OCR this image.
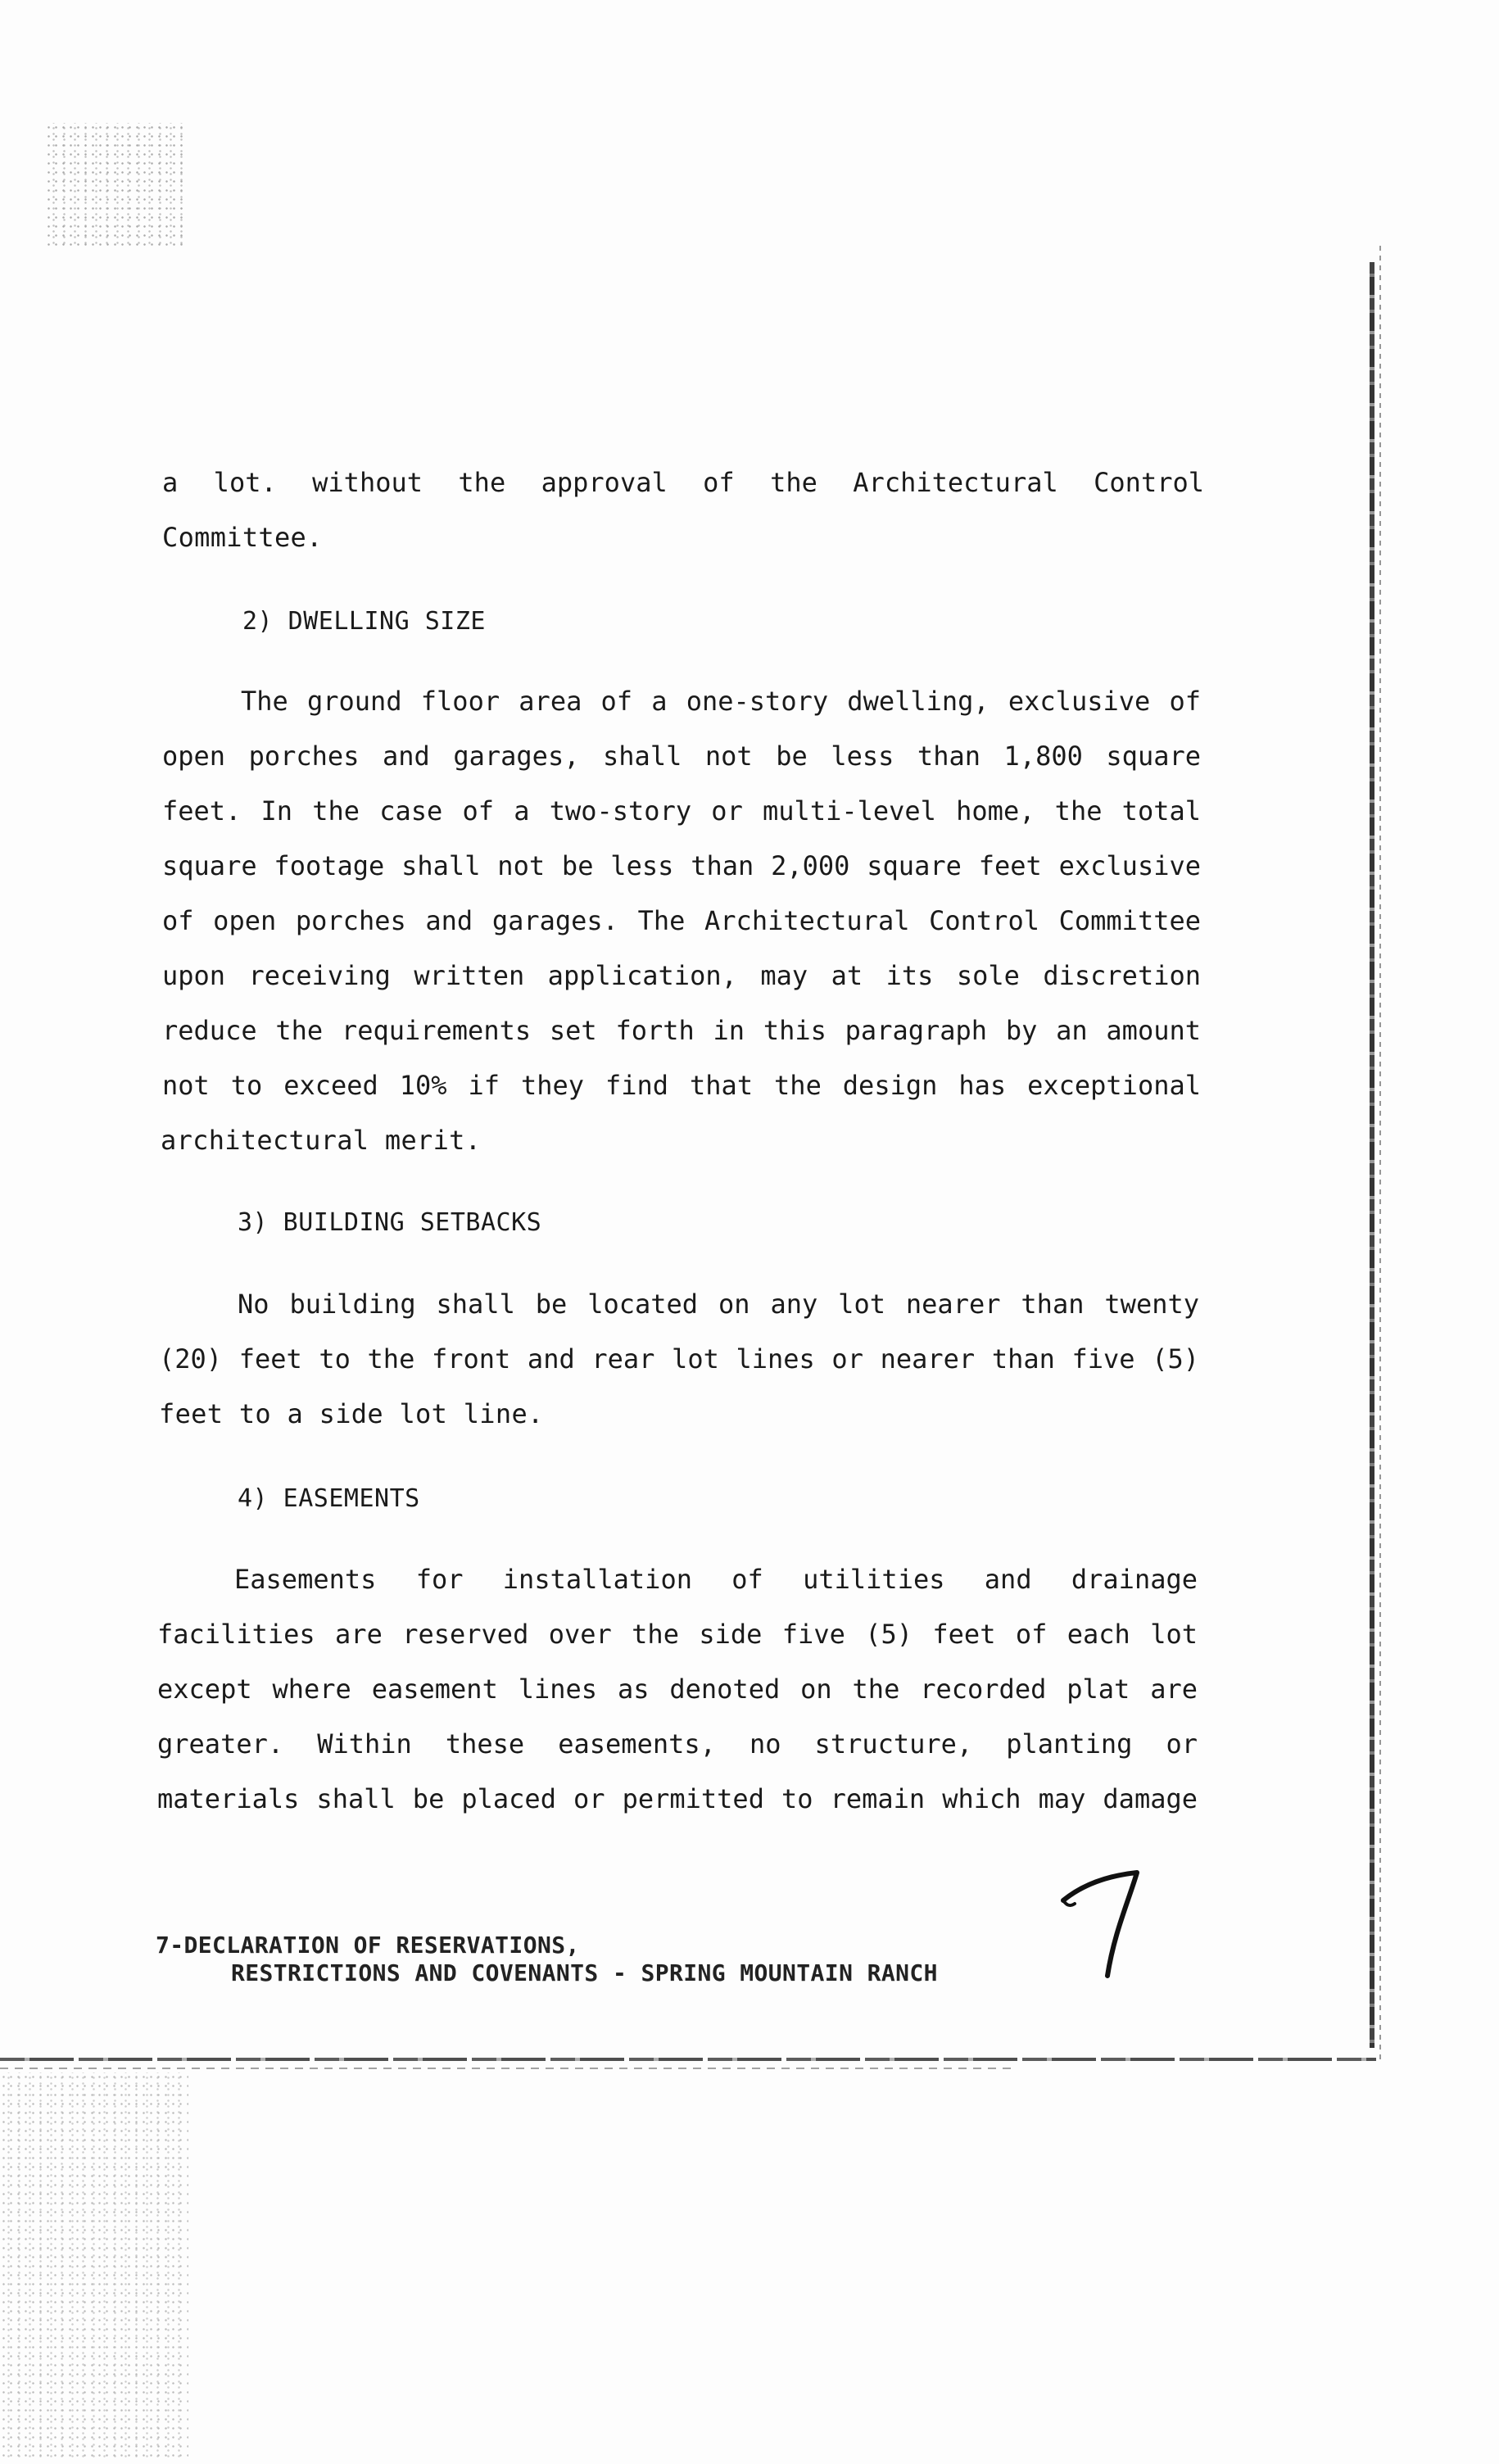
a lot. without the approval of the Architectural Control
Committee.
2) DWELLING SIZE
The ground floor area of a one-story dwelling, exclusive of
open porches and garages, shall not be less than 1,800 square
feet. In the case of a two-story or multi-level home, the total
square footage shall not be less than 2,000 square feet exclusive
of open porches and garages. The Architectural Control Committee
upon receiving written application, may at its sole discretion
reduce the requirements set forth in this paragraph by an amount
not to exceed 10% if they find that the design has exceptional
architectural merit.
3) BUILDING SETBACKS
No building shall be located on any lot nearer than twenty
(20) feet to the front and rear lot lines or nearer than five (5)
feet to a side lot line.
4) EASEMENTS
Easements for installation of utilities and drainage
facilities are reserved over the side five (5) feet of each lot
except where easement lines as denoted on the recorded plat are
greater. Within these easements, no structure, planting or
materials shall be placed or permitted to remain which may damage
7-DECLARATION OF RESERVATIONS,
RESTRICTIONS AND COVENANTS - SPRING MOUNTAIN RANCH
